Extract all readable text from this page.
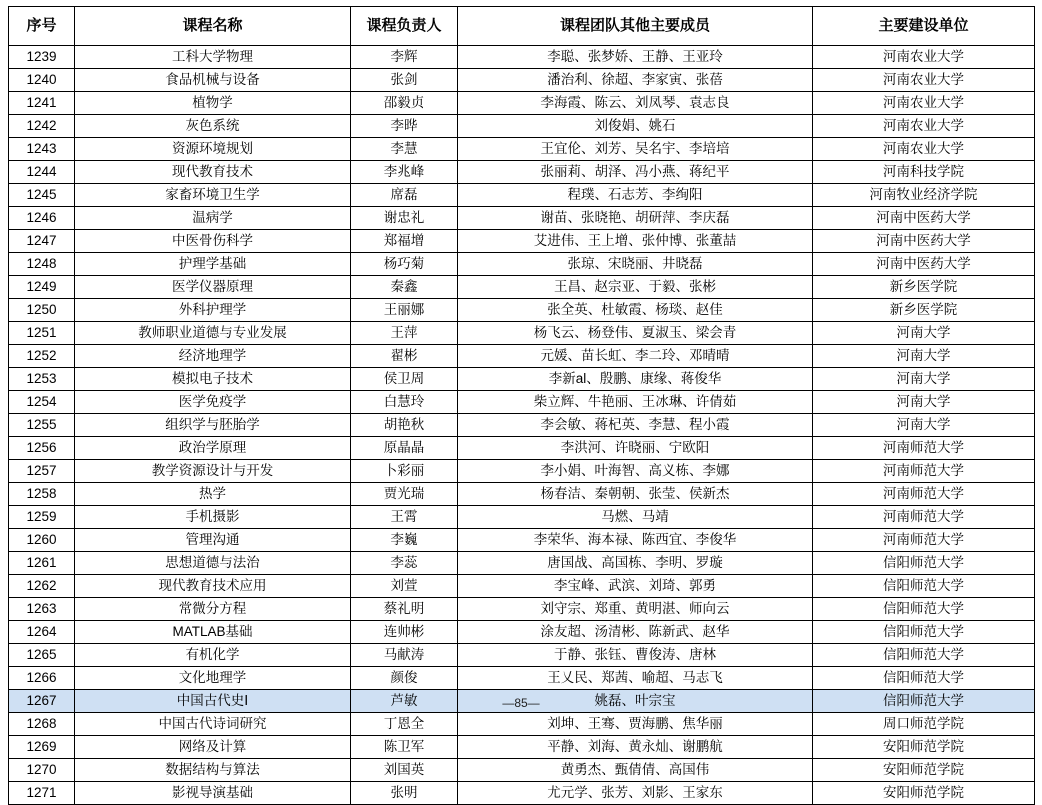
序号	课程名称	课程负责人	课程团队其他主要成员	主要建设单位
1239	工科大学物理	李辉	李聪、张梦娇、王静、王亚玲	河南农业大学
1240	食品机械与设备	张剑	潘治利、徐超、李家寅、张蓓	河南农业大学
1241	植物学	邵毅贞	李海霞、陈云、刘凤琴、袁志良	河南农业大学
1242	灰色系统	李晔	刘俊娟、姚石	河南农业大学
1243	资源环境规划	李慧	王宜伦、刘芳、吴名宇、李培培	河南农业大学
1244	现代教育技术	李兆峰	张丽莉、胡泽、冯小燕、蒋纪平	河南科技学院
1245	家畜环境卫生学	席磊	程璞、石志芳、李绚阳	河南牧业经济学院
1246	温病学	谢忠礼	谢苗、张晓艳、胡研萍、李庆磊	河南中医药大学
1247	中医骨伤科学	郑福增	艾进伟、王上增、张仲博、张董喆	河南中医药大学
1248	护理学基础	杨巧菊	张琼、宋晓丽、井晓磊	河南中医药大学
1249	医学仪器原理	秦鑫	王昌、赵宗亚、于毅、张彬	新乡医学院
1250	外科护理学	王丽娜	张全英、杜敏霞、杨琰、赵佳	新乡医学院
1251	教师职业道德与专业发展	王萍	杨飞云、杨登伟、夏淑玉、梁会青	河南大学
1252	经济地理学	翟彬	元媛、苗长虹、李二玲、邓晴晴	河南大学
1253	模拟电子技术	侯卫周	李新al、殷鹏、康缘、蒋俊华	河南大学
1254	医学免疫学	白慧玲	柴立辉、牛艳丽、王冰琳、许倩茹	河南大学
1255	组织学与胚胎学	胡艳秋	李会敏、蒋杞英、李慧、程小霞	河南大学
1256	政治学原理	原晶晶	李洪河、许晓丽、宁欧阳	河南师范大学
1257	教学资源设计与开发	卜彩丽	李小娟、叶海智、高义栋、李娜	河南师范大学
1258	热学	贾光瑞	杨春洁、秦朝朝、张莹、侯新杰	河南师范大学
1259	手机摄影	王霄	马燃、马靖	河南师范大学
1260	管理沟通	李巍	李荣华、海本禄、陈西宜、李俊华	河南师范大学
1261	思想道德与法治	李蕊	唐国战、高国栋、李明、罗璇	信阳师范大学
1262	现代教育技术应用	刘萱	李宝峰、武滨、刘琦、郭勇	信阳师范大学
1263	常微分方程	蔡礼明	刘守宗、郑重、黄明湛、师向云	信阳师范大学
1264	MATLAB基础	连帅彬	涂友超、汤清彬、陈新武、赵华	信阳师范大学
1265	有机化学	马献涛	于静、张钰、曹俊涛、唐林	信阳师范大学
1266	文化地理学	颜俊	王乂民、郑茜、喻超、马志飞	信阳师范大学
1267	中国古代史Ⅰ	芦敏	姚磊、叶宗宝	信阳师范大学
1268	中国古代诗词研究	丁恩全	刘坤、王骞、贾海鹏、焦华丽	周口师范学院
1269	网络及计算	陈卫军	平静、刘海、黄永灿、谢鹏航	安阳师范学院
1270	数据结构与算法	刘国英	黄勇杰、甄倩倩、高国伟	安阳师范学院
1271	影视导演基础	张明	尤元学、张芳、刘影、王家东	安阳师范学院
—85—
